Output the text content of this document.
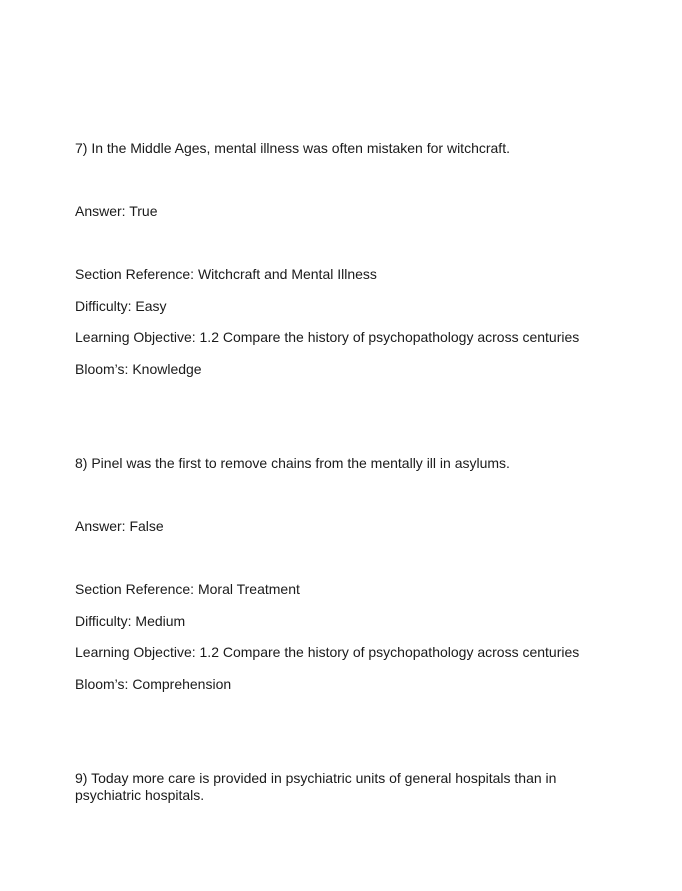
7) In the Middle Ages, mental illness was often mistaken for witchcraft.
Answer: True
Section Reference: Witchcraft and Mental Illness
Difficulty: Easy
Learning Objective: 1.2 Compare the history of psychopathology across centuries
Bloom’s: Knowledge
8) Pinel was the first to remove chains from the mentally ill in asylums.
Answer: False
Section Reference: Moral Treatment
Difficulty: Medium
Learning Objective: 1.2 Compare the history of psychopathology across centuries
Bloom’s: Comprehension
9) Today more care is provided in psychiatric units of general hospitals than in psychiatric hospitals.
